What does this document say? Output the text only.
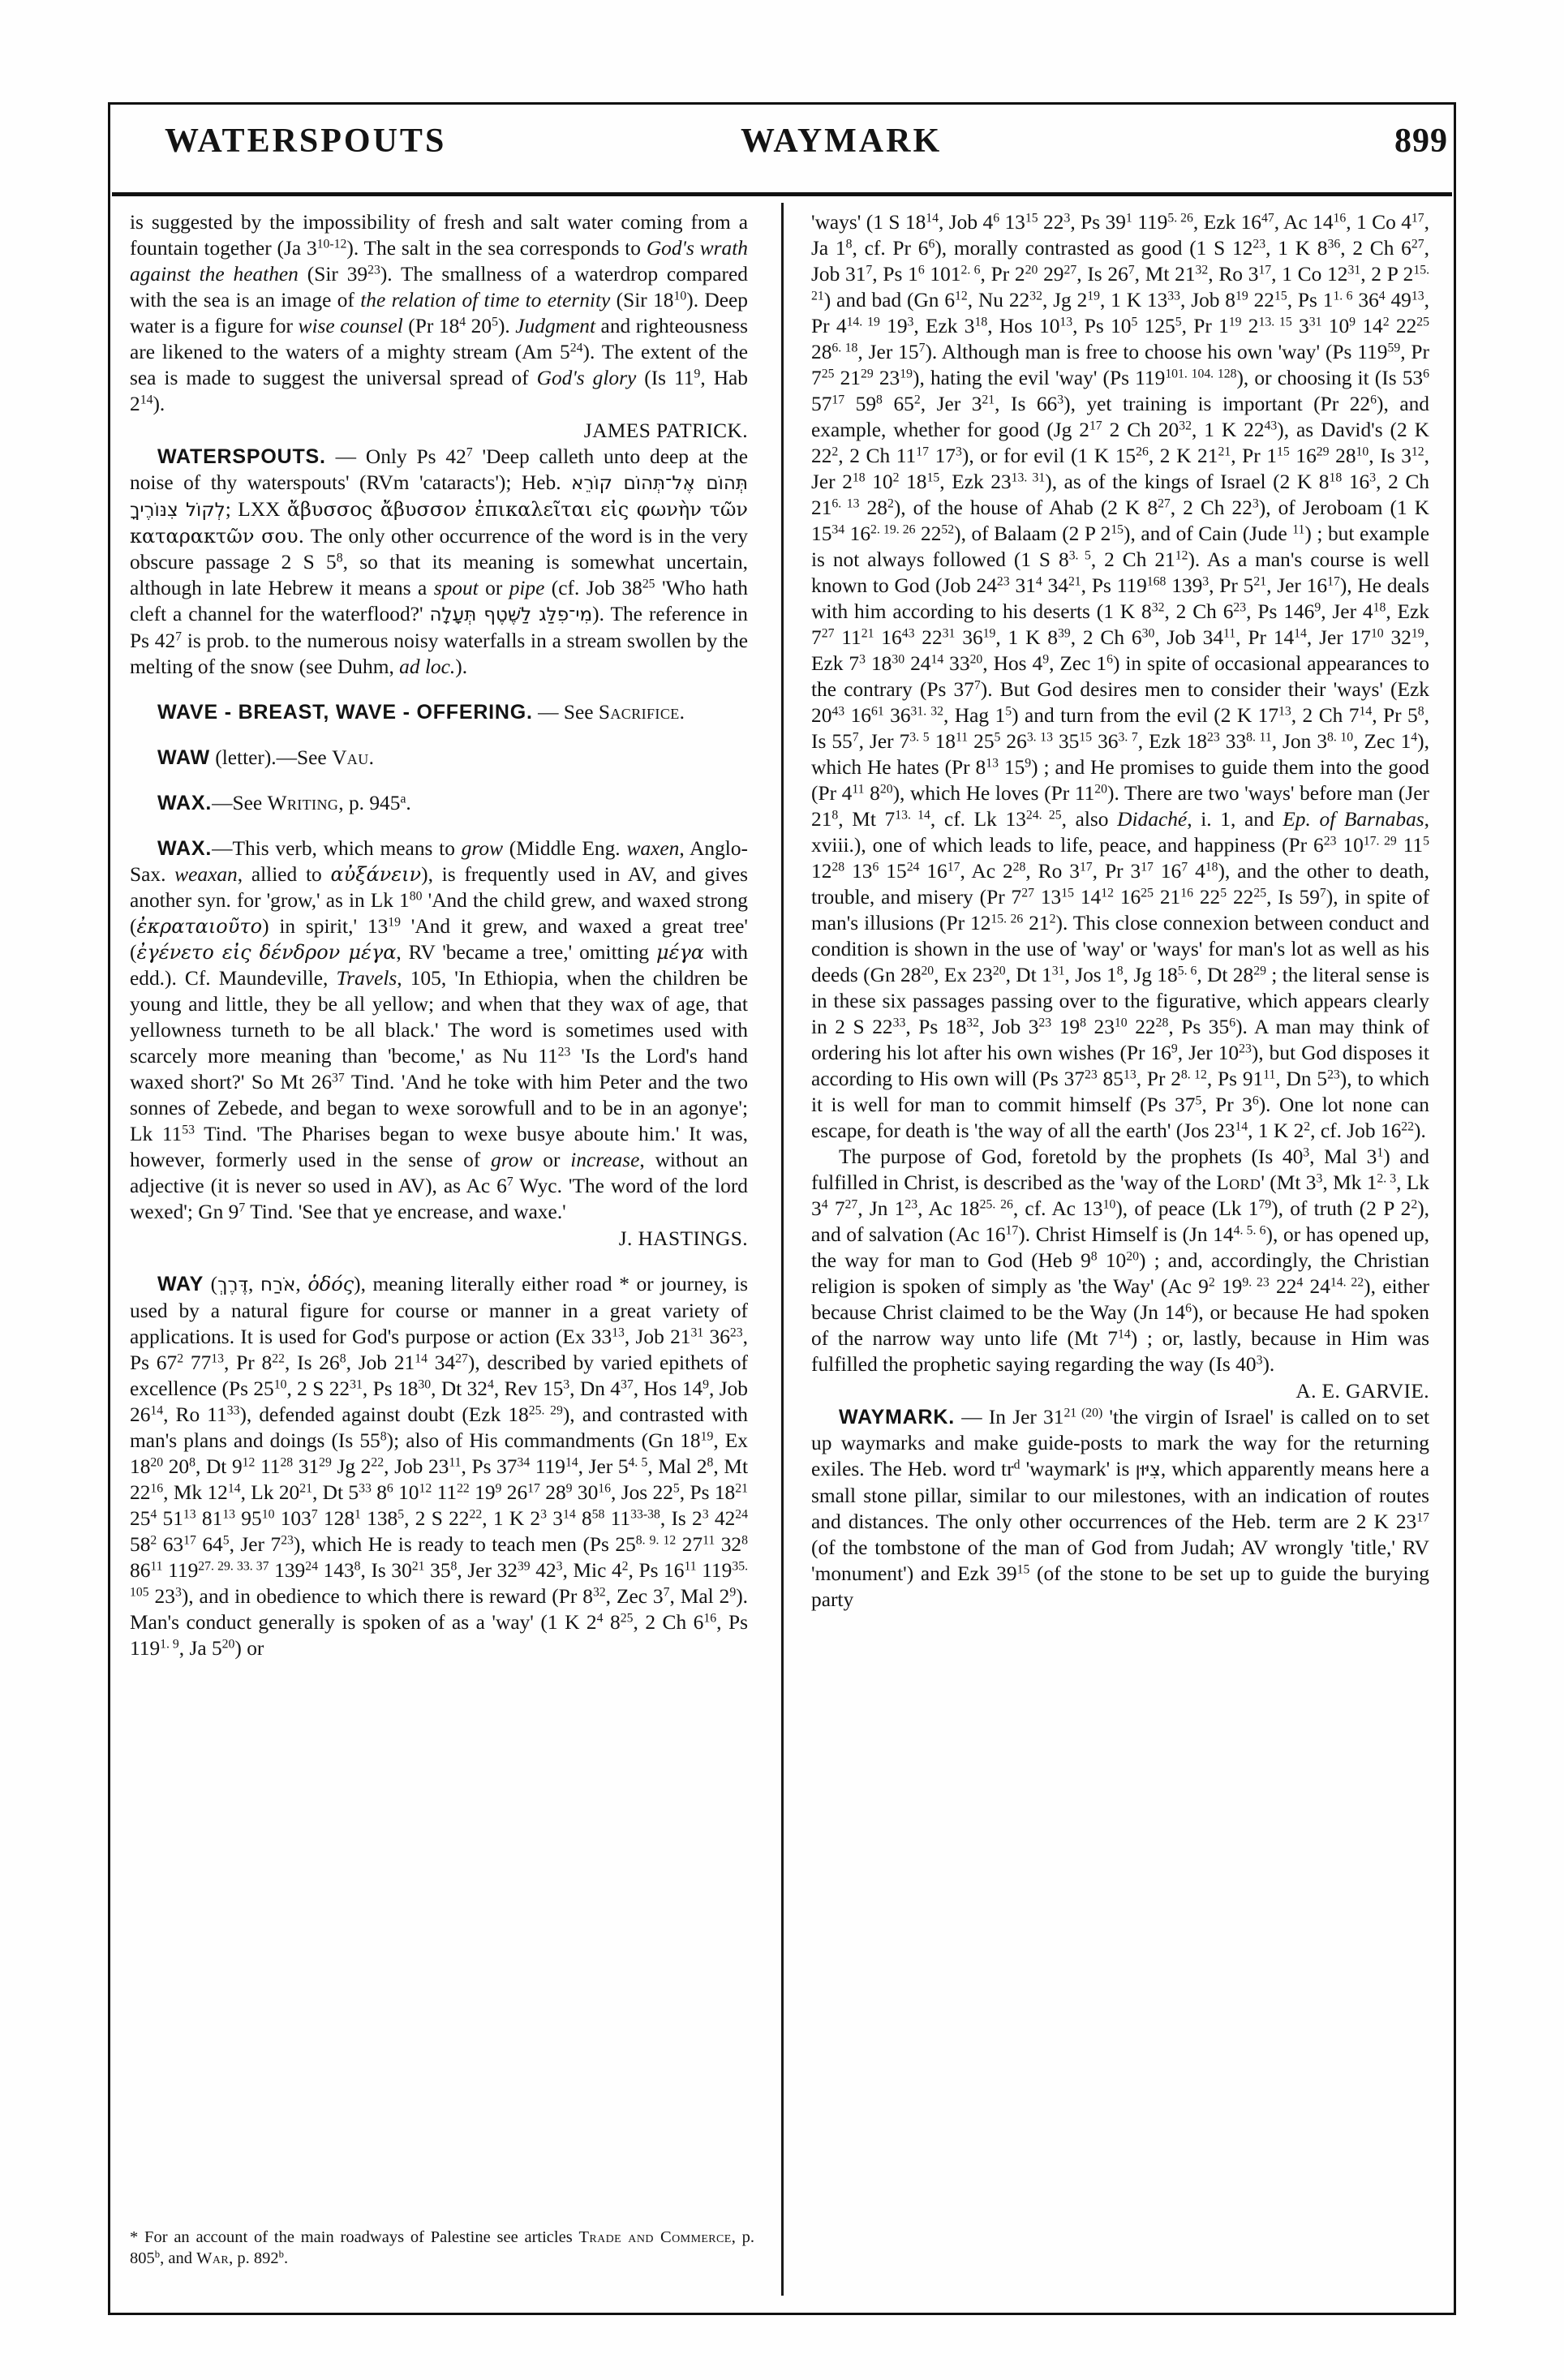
WATERSPOUTS	WAYMARK	899

is suggested by the impossibility of fresh and salt water coming from a fountain together (Ja 3$^{10-12}$). The salt in the sea corresponds to God's wrath against the heathen (Sir $39^{23}$). The smallness of a waterdrop compared with the sea is an image of the relation of time to eternity (Sir $18^{10}$). Deep water is a figure for wise counsel (Pr $18^4$ $20^5$). Judgment and righteousness are likened to the waters of a mighty stream (Am $5^{24}$). The extent of the sea is made to suggest the universal spread of God's glory (Is $11^9$, Hab $2^{14}$).

JAMES PATRICK.

WATERSPOUTS. — Only Ps $42^7$ 'Deep calleth unto deep at the noise of thy waterspouts' (RVm 'cataracts'); Heb. תְּהוֹם אֶל־תְּהוֹם קוֹרֵא לְקוֹל צִנּוֹרֶיךָ; LXX ἄβυσσος ἄβυσσον ἐπικαλεῖται εἰς φωνὴν τῶν καταρακτῶν σου. The only other occurrence of the word is in the very obscure passage 2 S $5^8$, so that its meaning is somewhat uncertain, although in late Hebrew it means a spout or pipe (cf. Job $38^{25}$ 'Who hath cleft a channel for the waterflood?' מִי־פִלַּג לַשֶּׁטֶף תְּעָלָה). The reference in Ps $42^7$ is prob. to the numerous noisy waterfalls in a stream swollen by the melting of the snow (see Duhm, ad loc.).

WAVE - BREAST, WAVE - OFFERING. — See Sacrifice.

WAW (letter).—See Vau.

WAX.—See Writing, p. 945$^a$.

WAX.—This verb, which means to grow (Middle Eng. waxen, Anglo-Sax. weaxan, allied to αὐξάνειν), is frequently used in AV, and gives another syn. for 'grow,' as in Lk $1^{80}$ 'And the child grew, and waxed strong (ἐκραταιοῦτο) in spirit,' $13^{19}$ 'And it grew, and waxed a great tree' (ἐγένετο εἰς δένδρον μέγα, RV 'became a tree,' omitting μέγα with edd.). Cf. Maundeville, Travels, 105, 'In Ethiopia, when the children be young and little, they be all yellow; and when that they wax of age, that yellowness turneth to be all black.' The word is sometimes used with scarcely more meaning than 'become,' as Nu $11^{23}$ 'Is the Lord's hand waxed short?' So Mt $26^{37}$ Tind. 'And he toke with him Peter and the two sonnes of Zebede, and began to wexe sorowfull and to be in an agonye'; Lk $11^{53}$ Tind. 'The Pharises began to wexe busye aboute him.' It was, however, formerly used in the sense of grow or increase, without an adjective (it is never so used in AV), as Ac $6^7$ Wyc. 'The word of the lord wexed'; Gn $9^7$ Tind. 'See that ye encrease, and waxe.'

J. HASTINGS.

WAY (דֶּרֶךְ, אֹרַח, ὁδός), meaning literally either road * or journey, is used by a natural figure for course or manner in a great variety of applications. It is used for God's purpose or action (Ex $33^{13}$, Job $21^{31}$ $36^{23}$, Ps $67^2$ $77^{13}$, Pr $8^{22}$, Is $26^8$, Job $21^{14}$ $34^{27}$), described by varied epithets of excellence (Ps $25^{10}$, 2 S $22^{31}$, Ps $18^{30}$, Dt $32^4$, Rev $15^3$, Dn $4^{37}$, Hos $14^9$, Job $26^{14}$, Ro $11^{33}$), defended against doubt (Ezk $18^{25. 29}$), and contrasted with man's plans and doings (Is $55^8$); also of His commandments (Gn $18^{19}$, Ex $18^{20}$ $20^8$, Dt $9^{12}$ $11^{28}$ $31^{29}$ Jg $2^{22}$, Job $23^{11}$, Ps $37^{34}$ $119^{14}$, Jer $5^{4. 5}$, Mal $2^8$, Mt $22^{16}$, Mk $12^{14}$, Lk $20^{21}$, Dt $5^{33}$ $8^6$ $10^{12}$ $11^{22}$ $19^9$ $26^{17}$ $28^9$ $30^{16}$, Jos $22^5$, Ps $18^{21}$ $25^4$ $51^{13}$ $81^{13}$ $95^{10}$ $103^7$ $128^1$ $138^5$, 2 S $22^{22}$, 1 K $2^3$ $3^{14}$ $8^{58}$ 11$^{33-38}$, Is $2^3$ $42^{24}$ $58^2$ $63^{17}$ $64^5$, Jer $7^{23}$), which He is ready to teach men (Ps $25^{8. 9. 12}$ $27^{11}$ $32^8$ $86^{11}$ $119^{27. 29. 33. 37}$ $139^{24}$ $143^8$, Is $30^{21}$ $35^8$, Jer $32^{39}$ $42^3$, Mic $4^2$, Ps $16^{11}$ $119^{35. 105}$ $23^3$), and in obedience to which there is reward (Pr $8^{32}$, Zec $3^7$, Mal $2^9$). Man's conduct generally is spoken of as a 'way' (1 K $2^4$ $8^{25}$, 2 Ch $6^{16}$, Ps $119^{1. 9}$, Ja $5^{20}$) or

* For an account of the main roadways of Palestine see articles Trade and Commerce, p. 805$^b$, and War, p. 892$^b$.

'ways' (1 S $18^{14}$, Job $4^6$ $13^{15}$ $22^3$, Ps $39^1$ $119^{5. 26}$, Ezk $16^{47}$, Ac $14^{16}$, 1 Co $4^{17}$, Ja $1^8$, cf. Pr $6^6$), morally contrasted as good (1 S $12^{23}$, 1 K $8^{36}$, 2 Ch $6^{27}$, Job $31^7$, Ps $1^6$ $101^{2. 6}$, Pr $2^{20}$ $29^{27}$, Is $26^7$, Mt $21^{32}$, Ro $3^{17}$, 1 Co $12^{31}$, 2 P $2^{15. 21}$) and bad (Gn $6^{12}$, Nu $22^{32}$, Jg $2^{19}$, 1 K $13^{33}$, Job $8^{19}$ $22^{15}$, Ps $1^{1. 6}$ $36^4$ $49^{13}$, Pr $4^{14. 19}$ $19^3$, Ezk $3^{18}$, Hos $10^{13}$, Ps $10^5$ $125^5$, Pr $1^{19}$ $2^{13. 15}$ $3^{31}$ $10^9$ $14^2$ $22^{25}$ $28^{6. 18}$, Jer $15^7$). Although man is free to choose his own 'way' (Ps $119^{59}$, Pr $7^{25}$ $21^{29}$ $23^{19}$), hating the evil 'way' (Ps $119^{101. 104. 128}$), or choosing it (Is $53^6$ $57^{17}$ $59^8$ $65^2$, Jer $3^{21}$, Is $66^3$), yet training is important (Pr $22^6$), and example, whether for good (Jg $2^{17}$ 2 Ch $20^{32}$, 1 K $22^{43}$), as David's (2 K $22^2$, 2 Ch $11^{17}$ $17^3$), or for evil (1 K $15^{26}$, 2 K $21^{21}$, Pr $1^{15}$ $16^{29}$ $28^{10}$, Is $3^{12}$, Jer $2^{18}$ $10^2$ $18^{15}$, Ezk $23^{13. 31}$), as of the kings of Israel (2 K $8^{18}$ $16^3$, 2 Ch $21^{6. 13}$ $28^2$), of the house of Ahab (2 K $8^{27}$, 2 Ch $22^3$), of Jeroboam (1 K $15^{34}$ $16^{2. 19. 26}$ $22^{52}$), of Balaam (2 P $2^{15}$), and of Cain (Jude $^{11}$) ; but example is not always followed (1 S $8^{3. 5}$, 2 Ch $21^{12}$). As a man's course is well known to God (Job $24^{23}$ $31^4$ $34^{21}$, Ps $119^{168}$ $139^3$, Pr $5^{21}$, Jer $16^{17}$), He deals with him according to his deserts (1 K $8^{32}$, 2 Ch $6^{23}$, Ps $146^9$, Jer $4^{18}$, Ezk $7^{27}$ $11^{21}$ $16^{43}$ $22^{31}$ $36^{19}$, 1 K $8^{39}$, 2 Ch $6^{30}$, Job $34^{11}$, Pr $14^{14}$, Jer $17^{10}$ $32^{19}$, Ezk $7^3$ $18^{30}$ $24^{14}$ $33^{20}$, Hos $4^9$, Zec $1^6$) in spite of occasional appearances to the contrary (Ps $37^7$). But God desires men to consider their 'ways' (Ezk $20^{43}$ $16^{61}$ $36^{31. 32}$, Hag $1^5$) and turn from the evil (2 K $17^{13}$, 2 Ch $7^{14}$, Pr $5^8$, Is $55^7$, Jer $7^{3. 5}$ $18^{11}$ $25^5$ $26^{3. 13}$ $35^{15}$ $36^{3. 7}$, Ezk $18^{23}$ $33^{8. 11}$, Jon $3^{8. 10}$, Zec $1^4$), which He hates (Pr $8^{13}$ $15^9$) ; and He promises to guide them into the good (Pr $4^{11}$ $8^{20}$), which He loves (Pr $11^{20}$). There are two 'ways' before man (Jer $21^8$, Mt $7^{13. 14}$, cf. Lk $13^{24. 25}$, also Didaché, i. 1, and Ep. of Barnabas, xviii.), one of which leads to life, peace, and happiness (Pr $6^{23}$ $10^{17. 29}$ $11^5$ $12^{28}$ $13^6$ $15^{24}$ $16^{17}$, Ac $2^{28}$, Ro $3^{17}$, Pr $3^{17}$ $16^7$ $4^{18}$), and the other to death, trouble, and misery (Pr $7^{27}$ $13^{15}$ $14^{12}$ $16^{25}$ $21^{16}$ $22^5$ $22^{25}$, Is $59^7$), in spite of man's illusions (Pr $12^{15. 26}$ $21^2$). This close connexion between conduct and condition is shown in the use of 'way' or 'ways' for man's lot as well as his deeds (Gn $28^{20}$, Ex $23^{20}$, Dt $1^{31}$, Jos $1^8$, Jg $18^{5. 6}$, Dt $28^{29}$ ; the literal sense is in these six passages passing over to the figurative, which appears clearly in 2 S $22^{33}$, Ps $18^{32}$, Job $3^{23}$ $19^8$ $23^{10}$ $22^{28}$, Ps $35^6$). A man may think of ordering his lot after his own wishes (Pr $16^9$, Jer $10^{23}$), but God disposes it according to His own will (Ps $37^{23}$ $85^{13}$, Pr $2^{8. 12}$, Ps $91^{11}$, Dn $5^{23}$), to which it is well for man to commit himself (Ps $37^5$, Pr $3^6$). One lot none can escape, for death is 'the way of all the earth' (Jos $23^{14}$, 1 K $2^2$, cf. Job $16^{22}$).

The purpose of God, foretold by the prophets (Is $40^3$, Mal $3^1$) and fulfilled in Christ, is described as the 'way of the Lord' (Mt $3^3$, Mk $1^{2. 3}$, Lk $3^4$ $7^{27}$, Jn $1^{23}$, Ac $18^{25. 26}$, cf. Ac $13^{10}$), of peace (Lk $1^{79}$), of truth (2 P $2^2$), and of salvation (Ac $16^{17}$). Christ Himself is (Jn $14^{4. 5. 6}$), or has opened up, the way for man to God (Heb $9^8$ $10^{20}$) ; and, accordingly, the Christian religion is spoken of simply as 'the Way' (Ac $9^2$ $19^{9. 23}$ $22^4$ $24^{14. 22}$), either because Christ claimed to be the Way (Jn $14^6$), or because He had spoken of the narrow way unto life (Mt $7^{14}$) ; or, lastly, because in Him was fulfilled the prophetic saying regarding the way (Is $40^3$).

A. E. GARVIE.

WAYMARK. — In Jer $31^{21 (20)}$ 'the virgin of Israel' is called on to set up waymarks and make guide-posts to mark the way for the returning exiles. The Heb. word $tr^d$ 'waymark' is צִיּוּן, which apparently means here a small stone pillar, similar to our milestones, with an indication of routes and distances. The only other occurrences of the Heb. term are 2 K $23^{17}$ (of the tombstone of the man of God from Judah; AV wrongly 'title,' RV 'monument') and Ezk $39^{15}$ (of the stone to be set up to guide the burying party
